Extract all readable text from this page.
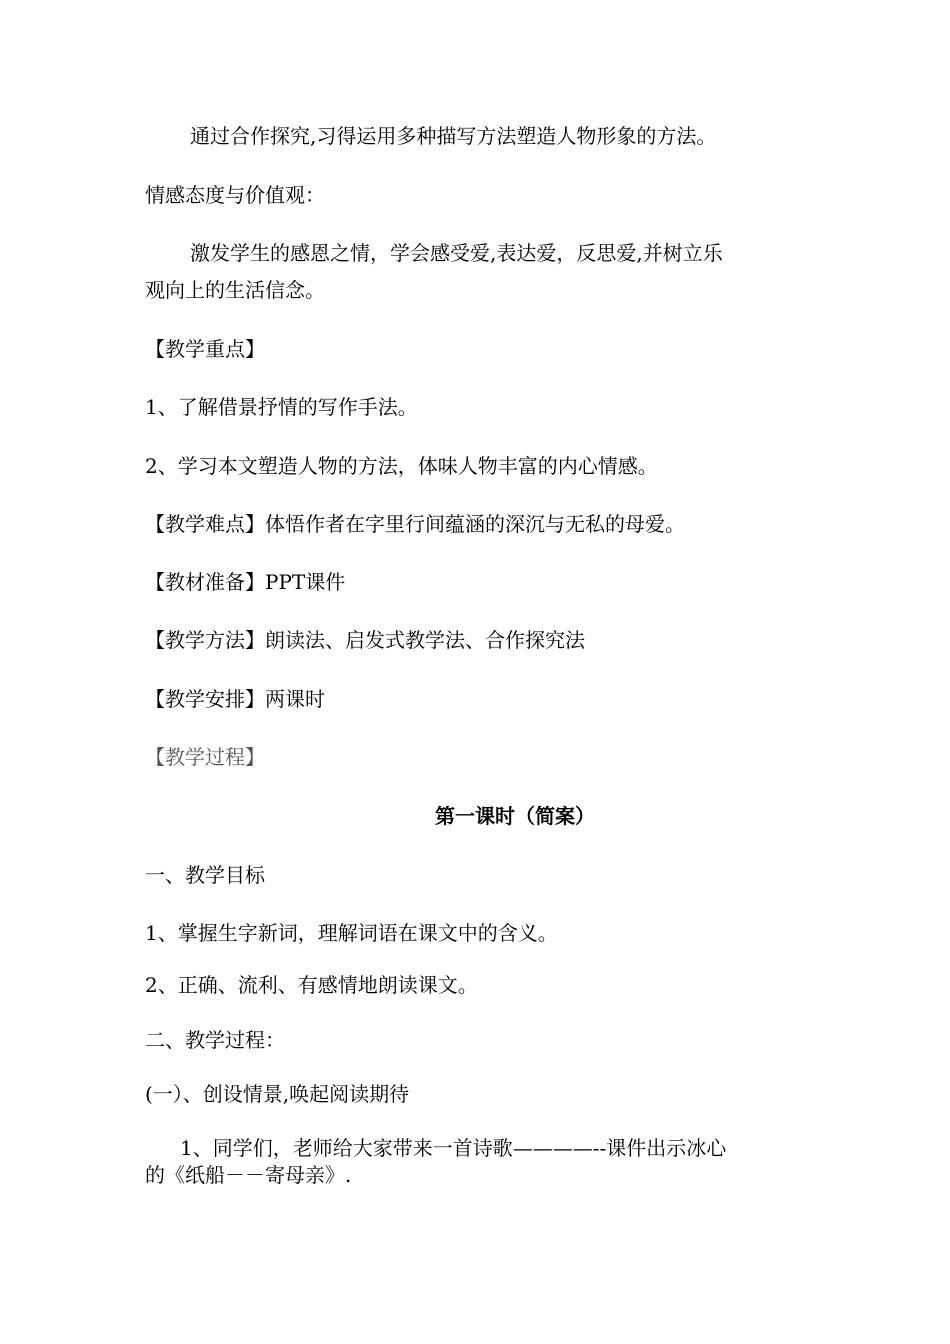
通过合作探究,习得运用多种描写方法塑造人物形象的方法。
情感态度与价值观：
激发学生的感恩之情，学会感受爱,表达爱，反思爱,并树立乐
观向上的生活信念。
【教学重点】
1、了解借景抒情的写作手法。
2、学习本文塑造人物的方法，体味人物丰富的内心情感。
【教学难点】体悟作者在字里行间蕴涵的深沉与无私的母爱。
【教材准备】PPT课件
【教学方法】朗读法、启发式教学法、合作探究法
【教学安排】两课时
【教学过程】
第一课时（简案）
一、教学目标
1、掌握生字新词，理解词语在课文中的含义。
2、正确、流利、有感情地朗读课文。
二、教学过程：
(一）、创设情景,唤起阅读期待
1、同学们，老师给大家带来一首诗歌————--课件出示冰心
的《纸船－－寄母亲》.
